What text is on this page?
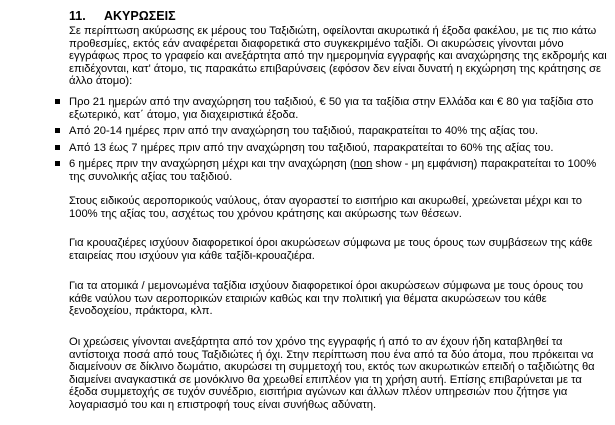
11. ΑΚΥΡΩΣΕΙΣ

Σε περίπτωση ακύρωσης εκ μέρους του Ταξιδιώτη, οφείλονται ακυρωτικά ή έξοδα φακέλου, με τις πιο κάτω προθεσμίες, εκτός εάν αναφέρεται διαφορετικά στο συγκεκριμένο ταξίδι. Οι ακυρώσεις γίνονται μόνο εγγράφως προς το γραφείο και ανεξάρτητα από την ημερομηνία εγγραφής και αναχώρησης της εκδρομής και επιδέχονται, κατ' άτομο, τις παρακάτω επιβαρύνσεις (εφόσον δεν είναι δυνατή η εκχώρηση της κράτησης σε άλλο άτομο):

Προ 21 ημερών από την αναχώρηση του ταξιδιού, € 50 για τα ταξίδια στην Ελλάδα και € 80 για ταξίδια στο εξωτερικό, κατ΄ άτομο, για διαχειριστικά έξοδα.
Από 20-14 ημέρες πριν από την αναχώρηση του ταξιδιού, παρακρατείται το 40% της αξίας του.
Από 13 έως 7 ημέρες πριν από την αναχώρηση του ταξιδιού, παρακρατείται το 60% της αξίας του.
6 ημέρες πριν την αναχώρηση μέχρι και την αναχώρηση (non show - μη εμφάνιση) παρακρατείται το 100% της συνολικής αξίας του ταξιδιού.

Στους ειδικούς αεροπορικούς ναύλους, όταν αγοραστεί το εισιτήριο και ακυρωθεί, χρεώνεται μέχρι και το 100% της αξίας του, ασχέτως του χρόνου κράτησης και ακύρωσης των θέσεων.

Για κρουαζιέρες ισχύουν διαφορετικοί όροι ακυρώσεων σύμφωνα με τους όρους των συμβάσεων της κάθε εταιρείας που ισχύουν για κάθε ταξίδι-κρουαζιέρα.

Για τα ατομικά / μεμονωμένα ταξίδια ισχύουν διαφορετικοί όροι ακυρώσεων σύμφωνα με τους όρους του κάθε ναύλου των αεροπορικών εταιριών καθώς και την πολιτική για θέματα ακυρώσεων του κάθε ξενοδοχείου, πράκτορα, κλπ.

Οι χρεώσεις γίνονται ανεξάρτητα από τον χρόνο της εγγραφής ή από το αν έχουν ήδη καταβληθεί τα αντίστοιχα ποσά από τους Ταξιδιώτες ή όχι. Στην περίπτωση που ένα από τα δύο άτομα, που πρόκειται να διαμείνουν σε δίκλινο δωμάτιο, ακυρώσει τη συμμετοχή του, εκτός των ακυρωτικών επειδή ο ταξιδιώτης θα διαμείνει αναγκαστικά σε μονόκλινο θα χρεωθεί επιπλέον για τη χρήση αυτή. Επίσης επιβαρύνεται με τα έξοδα συμμετοχής σε τυχόν συνέδριο, εισιτήρια αγώνων και άλλων πλέον υπηρεσιών που ζήτησε για λογαριασμό του και η επιστροφή τους είναι συνήθως αδύνατη.
